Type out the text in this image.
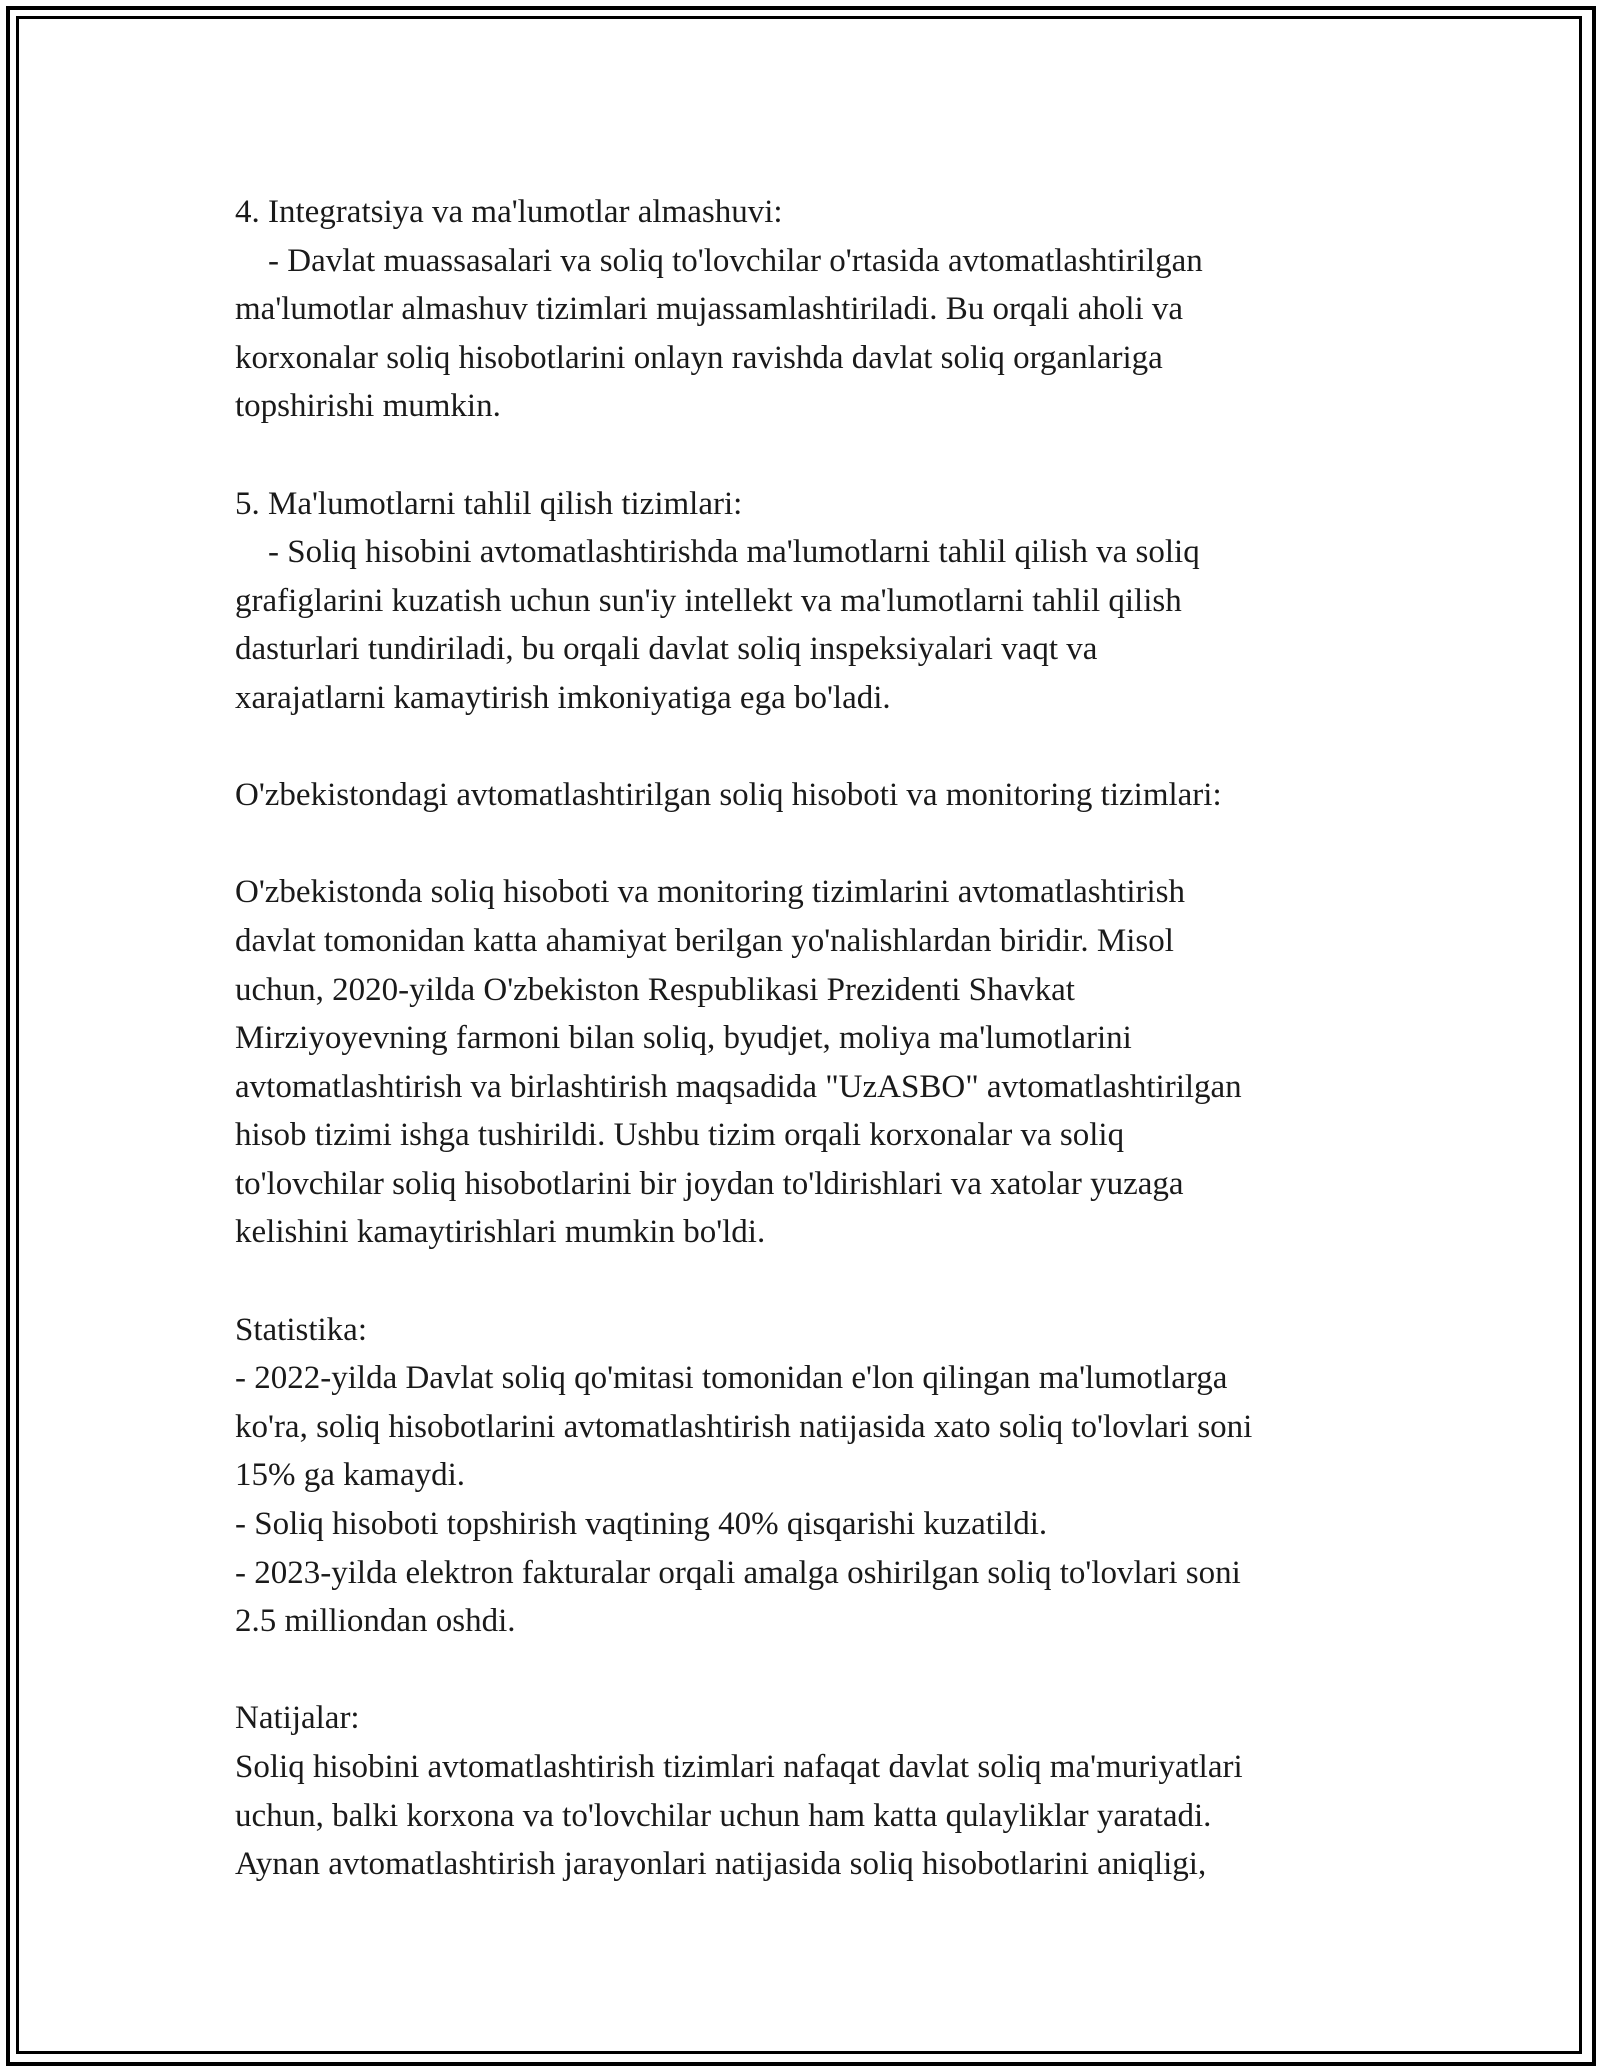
4. Integratsiya va ma'lumotlar almashuvi:
- Davlat muassasalari va soliq to'lovchilar o'rtasida avtomatlashtirilgan
ma'lumotlar almashuv tizimlari mujassamlashtiriladi. Bu orqali aholi va
korxonalar soliq hisobotlarini onlayn ravishda davlat soliq organlariga
topshirishi mumkin.
5. Ma'lumotlarni tahlil qilish tizimlari:
- Soliq hisobini avtomatlashtirishda ma'lumotlarni tahlil qilish va soliq
grafiglarini kuzatish uchun sun'iy intellekt va ma'lumotlarni tahlil qilish
dasturlari tundiriladi, bu orqali davlat soliq inspeksiyalari vaqt va
xarajatlarni kamaytirish imkoniyatiga ega bo'ladi.
O'zbekistondagi avtomatlashtirilgan soliq hisoboti va monitoring tizimlari:
O'zbekistonda soliq hisoboti va monitoring tizimlarini avtomatlashtirish
davlat tomonidan katta ahamiyat berilgan yo'nalishlardan biridir. Misol
uchun, 2020-yilda O'zbekiston Respublikasi Prezidenti Shavkat
Mirziyoyevning farmoni bilan soliq, byudjet, moliya ma'lumotlarini
avtomatlashtirish va birlashtirish maqsadida "UzASBO" avtomatlashtirilgan
hisob tizimi ishga tushirildi. Ushbu tizim orqali korxonalar va soliq
to'lovchilar soliq hisobotlarini bir joydan to'ldirishlari va xatolar yuzaga
kelishini kamaytirishlari mumkin bo'ldi.
Statistika:
- 2022-yilda Davlat soliq qo'mitasi tomonidan e'lon qilingan ma'lumotlarga
ko'ra, soliq hisobotlarini avtomatlashtirish natijasida xato soliq to'lovlari soni
15% ga kamaydi.
- Soliq hisoboti topshirish vaqtining 40% qisqarishi kuzatildi.
- 2023-yilda elektron fakturalar orqali amalga oshirilgan soliq to'lovlari soni
2.5 milliondan oshdi.
Natijalar:
Soliq hisobini avtomatlashtirish tizimlari nafaqat davlat soliq ma'muriyatlari
uchun, balki korxona va to'lovchilar uchun ham katta qulayliklar yaratadi.
Aynan avtomatlashtirish jarayonlari natijasida soliq hisobotlarini aniqligi,
